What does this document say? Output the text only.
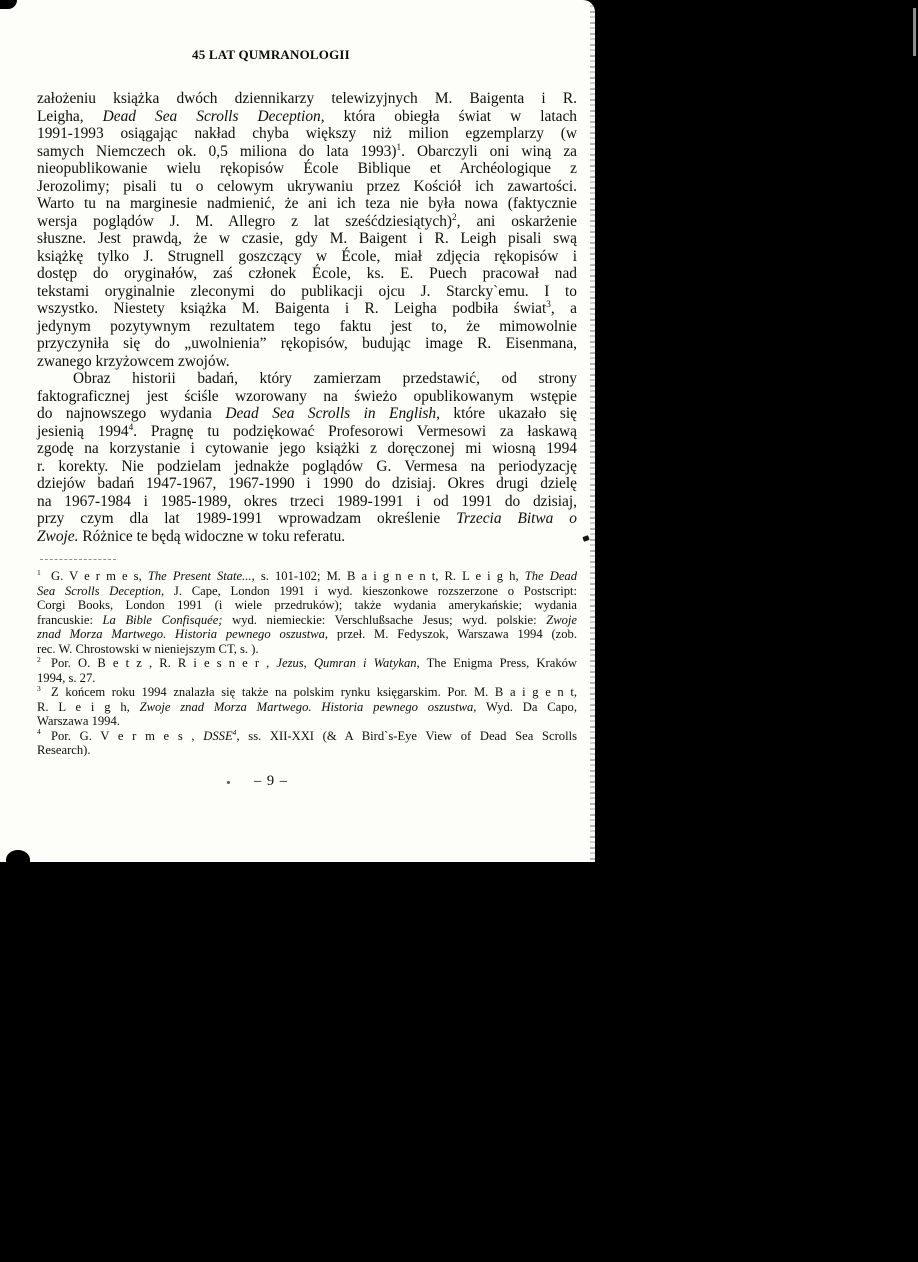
45 LAT QUMRANOLOGII
założeniu książka dwóch dziennikarzy telewizyjnych M. Baigenta i R.
Leigha, Dead Sea Scrolls Deception, która obiegła świat w latach
1991-1993 osiągając nakład chyba większy niż milion egzemplarzy (w
samych Niemczech ok. 0,5 miliona do lata 1993)$^1$. Obarczyli oni winą za
nieopublikowanie wielu rękopisów École Biblique et Archéologique z
Jerozolimy; pisali tu o celowym ukrywaniu przez Kościół ich zawartości.
Warto tu na marginesie nadmienić, że ani ich teza nie była nowa (faktycznie
wersja poglądów J. M. Allegro z lat sześćdziesiątych)$^2$, ani oskarżenie
słuszne. Jest prawdą, że w czasie, gdy M. Baigent i R. Leigh pisali swą
książkę tylko J. Strugnell goszczący w École, miał zdjęcia rękopisów i
dostęp do oryginałów, zaś członek École, ks. E. Puech pracował nad
tekstami oryginalnie zleconymi do publikacji ojcu J. Starcky`emu. I to
wszystko. Niestety książka M. Baigenta i R. Leigha podbiła świat$^3$, a
jedynym pozytywnym rezultatem tego faktu jest to, że mimowolnie
przyczyniła się do „uwolnienia” rękopisów, budując image R. Eisenmana,
zwanego krzyżowcem zwojów.
Obraz historii badań, który zamierzam przedstawić, od strony
faktograficznej jest ściśle wzorowany na świeżo opublikowanym wstępie
do najnowszego wydania Dead Sea Scrolls in English, które ukazało się
jesienią 1994$^4$. Pragnę tu podziękować Profesorowi Vermesowi za łaskawą
zgodę na korzystanie i cytowanie jego książki z doręczonej mi wiosną 1994
r. korekty. Nie podzielam jednakże poglądów G. Vermesa na periodyzację
dziejów badań 1947-1967, 1967-1990 i 1990 do dzisiaj. Okres drugi dzielę
na 1967-1984 i 1985-1989, okres trzeci 1989-1991 i od 1991 do dzisiaj,
przy czym dla lat 1989-1991 wprowadzam określenie Trzecia Bitwa o
Zwoje. Różnice te będą widoczne w toku referatu.
$^1$ G. V e r m e s, The Present State..., s. 101-102; M. B a i g n e n t, R. L e i g h, The Dead
Sea Scrolls Deception, J. Cape, London 1991 i wyd. kieszonkowe rozszerzone o Postscript:
Corgi Books, London 1991 (i wiele przedruków); także wydania amerykańskie; wydania
francuskie: La Bible Confisquée; wyd. niemieckie: Verschlußsache Jesus; wyd. polskie: Zwoje
znad Morza Martwego. Historia pewnego oszustwa, przeł. M. Fedyszok, Warszawa 1994 (zob.
rec. W. Chrostowski w nieniejszym CT, s. ).
$^2$ Por. O. B e t z , R. R i e s n e r , Jezus, Qumran i Watykan, The Enigma Press, Kraków
1994, s. 27.
$^3$ Z końcem roku 1994 znalazła się także na polskim rynku księgarskim. Por. M. B a i g e n t,
R. L e i g h, Zwoje znad Morza Martwego. Historia pewnego oszustwa, Wyd. Da Capo,
Warszawa 1994.
$^4$ Por. G. V e r m e s , DSSE$^4$, ss. XII-XXI (& A Bird`s-Eye View of Dead Sea Scrolls
Research).
– 9 –
